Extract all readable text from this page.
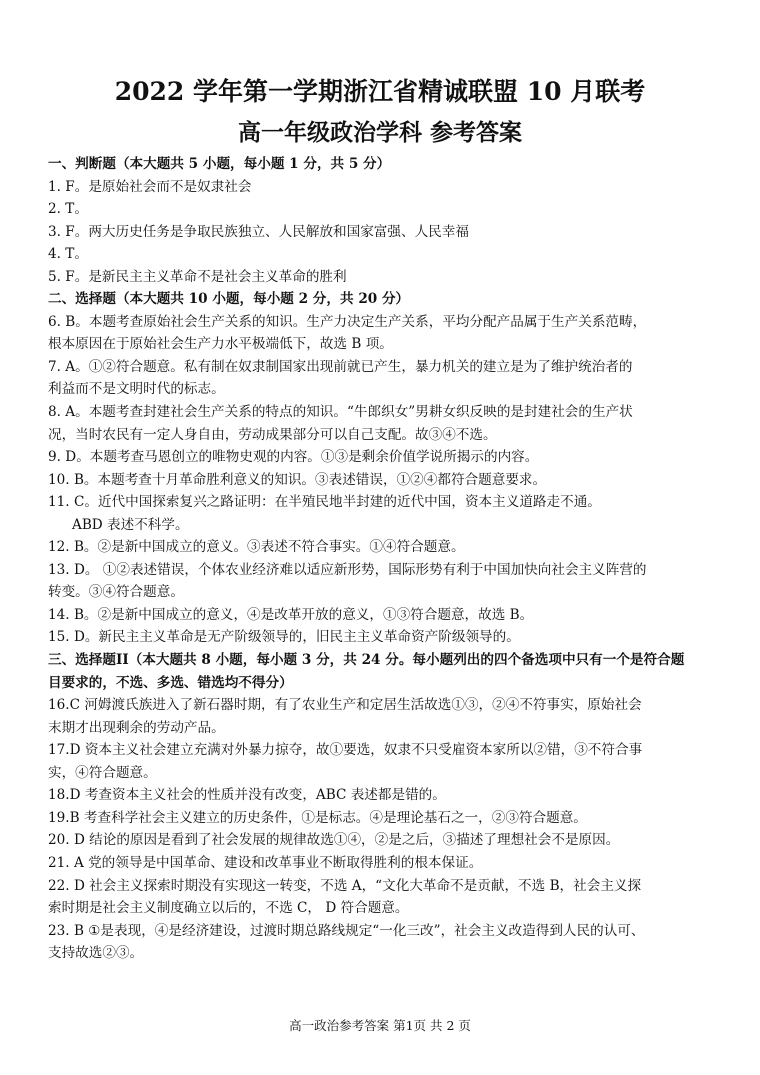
2022 学年第一学期浙江省精诚联盟 10 月联考
高一年级政治学科 参考答案
一、判断题（本大题共 5 小题，每小题 1 分，共 5 分）
1. F。是原始社会而不是奴隶社会
2. T。
3. F。两大历史任务是争取民族独立、人民解放和国家富强、人民幸福
4. T。
5. F。是新民主主义革命不是社会主义革命的胜利
二、选择题（本大题共 10 小题，每小题 2 分，共 20 分）
6. B。本题考查原始社会生产关系的知识。生产力决定生产关系，平均分配产品属于生产关系范畴，
根本原因在于原始社会生产力水平极端低下，故选 B 项。
7. A。①②符合题意。私有制在奴隶制国家出现前就已产生，暴力机关的建立是为了维护统治者的
利益而不是文明时代的标志。
8. A。本题考查封建社会生产关系的特点的知识。“牛郎织女”男耕女织反映的是封建社会的生产状
况，当时农民有一定人身自由，劳动成果部分可以自己支配。故③④不选。
9. D。本题考查马恩创立的唯物史观的内容。①③是剩余价值学说所揭示的内容。
10. B。本题考查十月革命胜利意义的知识。③表述错误，①②④都符合题意要求。
11. C。近代中国探索复兴之路证明：在半殖民地半封建的近代中国，资本主义道路走不通。
ABD 表述不科学。
12. B。②是新中国成立的意义。③表述不符合事实。①④符合题意。
13. D。 ①②表述错误，个体农业经济难以适应新形势，国际形势有利于中国加快向社会主义阵营的
转变。③④符合题意。
14. B。②是新中国成立的意义，④是改革开放的意义，①③符合题意，故选 B。
15. D。新民主主义革命是无产阶级领导的，旧民主主义革命资产阶级领导的。
三、选择题II（本大题共 8 小题，每小题 3 分，共 24 分。每小题列出的四个备选项中只有一个是符合题
目要求的，不选、多选、错选均不得分）
16.C 河姆渡氏族进入了新石器时期，有了农业生产和定居生活故选①③，②④不符事实，原始社会
末期才出现剩余的劳动产品。
17.D 资本主义社会建立充满对外暴力掠夺，故①要选，奴隶不只受雇资本家所以②错，③不符合事
实，④符合题意。
18.D 考查资本主义社会的性质并没有改变，ABC 表述都是错的。
19.B 考查科学社会主义建立的历史条件，①是标志。④是理论基石之一，②③符合题意。
20. D 结论的原因是看到了社会发展的规律故选①④，②是之后，③描述了理想社会不是原因。
21. A 党的领导是中国革命、建设和改革事业不断取得胜利的根本保证。
22. D 社会主义探索时期没有实现这一转变，不选 A，“文化大革命不是贡献，不选 B，社会主义探
索时期是社会主义制度确立以后的，不选 C， D 符合题意。
23. B ①是表现，④是经济建设，过渡时期总路线规定“一化三改”，社会主义改造得到人民的认可、
支持故选②③。
高一政治参考答案 第1页 共 2 页
